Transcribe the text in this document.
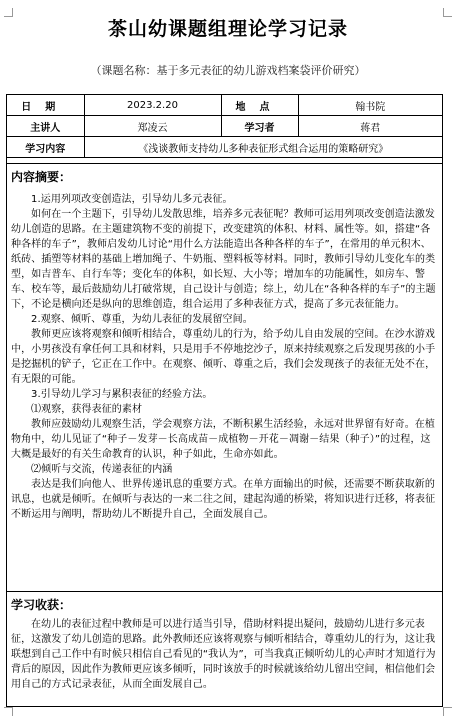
茶山幼课题组理论学习记录
（课题名称：基于多元表征的幼儿游戏档案袋评价研究）
日期	2023.2.20	地点	翰书院
主讲人	郑凌云	学习者	蒋君
学习内容	《浅谈教师支持幼儿多种表征形式组合运用的策略研究》		
内容摘要：

1.运用列项改变创造法，引导幼儿多元表征。

如何在一个主题下，引导幼儿发散思维，培养多元表征呢？教师可运用列项改变创造法激发幼儿创造的思路。在主题建筑物不变的前提下，改变建筑的体积、材料、属性等。如，搭建“各种各样的车子”，教师启发幼儿讨论“用什么方法能造出各种各样的车子”，在常用的单元积木、纸砖、插塑等材料的基础上增加绳子、牛奶瓶、塑料板等材料。同时，教师引导幼儿变化车的类型，如吉普车、自行车等；变化车的体积，如长短、大小等；增加车的功能属性，如房车、警车、校车等，最后鼓励幼儿打破常规，自己设计与创造；综上，幼儿在“各种各样的车子”的主题下，不论是横向还是纵向的思维创造，组合运用了多种表征方式，提高了多元表征能力。

2.观察、倾听、尊重，为幼儿表征的发展留空间。

教师更应该将观察和倾听相结合，尊重幼儿的行为，给予幼儿自由发展的空间。在沙水游戏中，小男孩没有拿任何工具和材料，只是用手不停地挖沙子，原来持续观察之后发现男孩的小手是挖掘机的铲子，它正在工作中。在观察、倾听、尊重之后，我们会发现孩子的表征无处不在，有无限的可能。

3.引导幼儿学习与累积表征的经验方法。

⑴观察，获得表征的素材

教师应鼓励幼儿观察生活，学会观察方法，不断积累生活经验，永远对世界留有好奇。在植物角中，幼儿见证了“种子－发芽－长高成苗－成植物－开花－凋谢－结果（种子）”的过程，这大概是最好的有关生命教育的认识，种子如此，生命亦如此。

⑵倾听与交流，传递表征的内涵

表达是我们向他人、世界传递讯息的重要方式。在单方面输出的时候，还需要不断获取新的讯息，也就是倾听。在倾听与表达的一来二往之间，建起沟通的桥梁，将知识进行迁移，将表征不断运用与阐明，帮助幼儿不断提升自己，全面发展自己。

学习收获：

在幼儿的表征过程中教师是可以进行适当引导，借助材料提出疑问，鼓励幼儿进行多元表征，这激发了幼儿创造的思路。此外教师还应该将观察与倾听相结合，尊重幼儿的行为，这让我联想到自己工作中有时候只相信自己看见的“我认为”，可当我真正倾听幼儿的心声时才知道行为背后的原因，因此作为教师更应该多倾听，同时该放手的时候就该给幼儿留出空间，相信他们会用自己的方式记录表征，从而全面发展自己。
